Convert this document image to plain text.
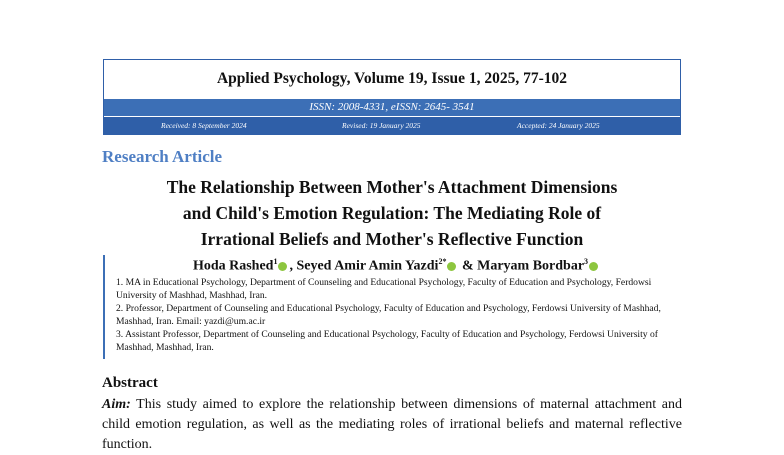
Applied Psychology, Volume 19, Issue 1, 2025, 77-102
ISSN: 2008-4331, eISSN: 2645- 3541
Received: 8 September 2024	Revised: 19 January 2025	Accepted: 24 January 2025
Research Article
The Relationship Between Mother's Attachment Dimensions
and Child's Emotion Regulation: The Mediating Role of
Irrational Beliefs and Mother's Reflective Function
Hoda Rashed$^1$ , Seyed Amir Amin Yazdi$^{2*}$ & Maryam Bordbar$^3$

1. MA in Educational Psychology, Department of Counseling and Educational Psychology, Faculty of Education and Psychology, Ferdowsi University of Mashhad, Mashhad, Iran.

2. Professor, Department of Counseling and Educational Psychology, Faculty of Education and Psychology, Ferdowsi University of Mashhad, Mashhad, Iran. Email: yazdi@um.ac.ir

3. Assistant Professor, Department of Counseling and Educational Psychology, Faculty of Education and Psychology, Ferdowsi University of Mashhad, Mashhad, Iran.

Abstract
Aim: This study aimed to explore the relationship between dimensions of maternal attachment and child emotion regulation, as well as the mediating roles of irrational beliefs and maternal reflective function.
